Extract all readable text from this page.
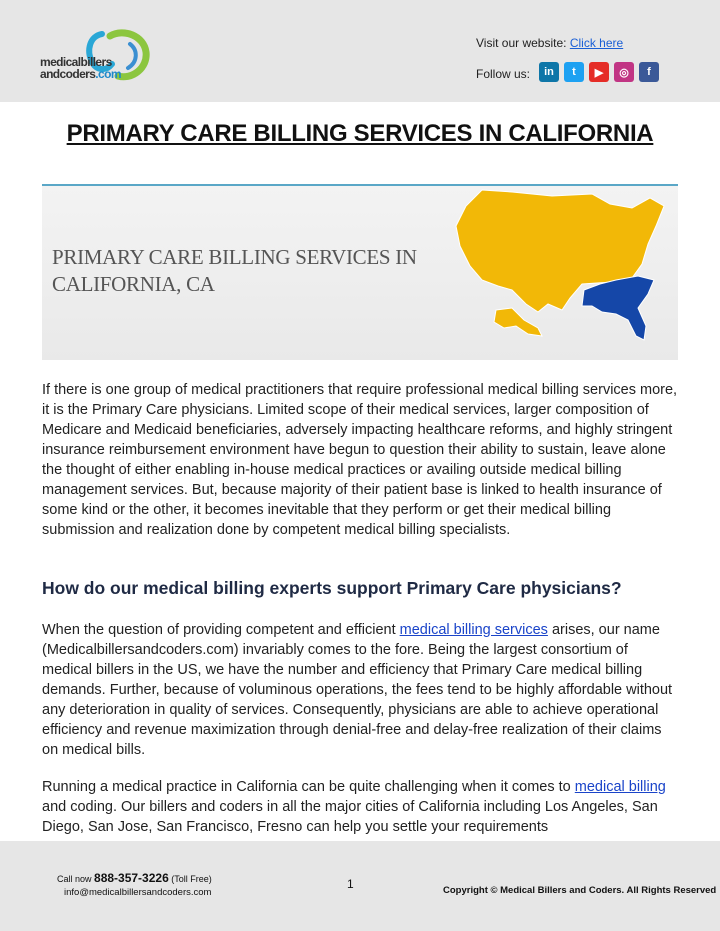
medicalbillers
andcoders.com
Visit our website: Click here
Follow us:	in	t	▶	◎	f
PRIMARY CARE BILLING SERVICES IN CALIFORNIA
PRIMARY CARE BILLING SERVICES IN
CALIFORNIA, CA

If there is one group of medical practitioners that require professional medical billing services more, it is the Primary Care physicians. Limited scope of their medical services, larger composition of Medicare and Medicaid beneficiaries, adversely impacting healthcare reforms, and highly stringent insurance reimbursement environment have begun to question their ability to sustain, leave alone the thought of either enabling in-house medical practices or availing outside medical billing management services. But, because majority of their patient base is linked to health insurance of some kind or the other, it becomes inevitable that they perform or get their medical billing submission and realization done by competent medical billing specialists.

How do our medical billing experts support Primary Care physicians?

When the question of providing competent and efficient medical billing services arises, our name (Medicalbillersandcoders.com) invariably comes to the fore. Being the largest consortium of medical billers in the US, we have the number and efficiency that Primary Care medical billing demands. Further, because of voluminous operations, the fees tend to be highly affordable without any deterioration in quality of services. Consequently, physicians are able to achieve operational efficiency and revenue maximization through denial-free and delay-free realization of their claims on medical bills.

Running a medical practice in California can be quite challenging when it comes to medical billing and coding. Our billers and coders in all the major cities of California including Los Angeles, San Diego, San Jose, San Francisco, Fresno can help you settle your requirements

Call now 888-357-3226 (Toll Free)
info@medicalbillersandcoders.com
1	Copyright © Medical Billers and Coders. All Rights Reserved
